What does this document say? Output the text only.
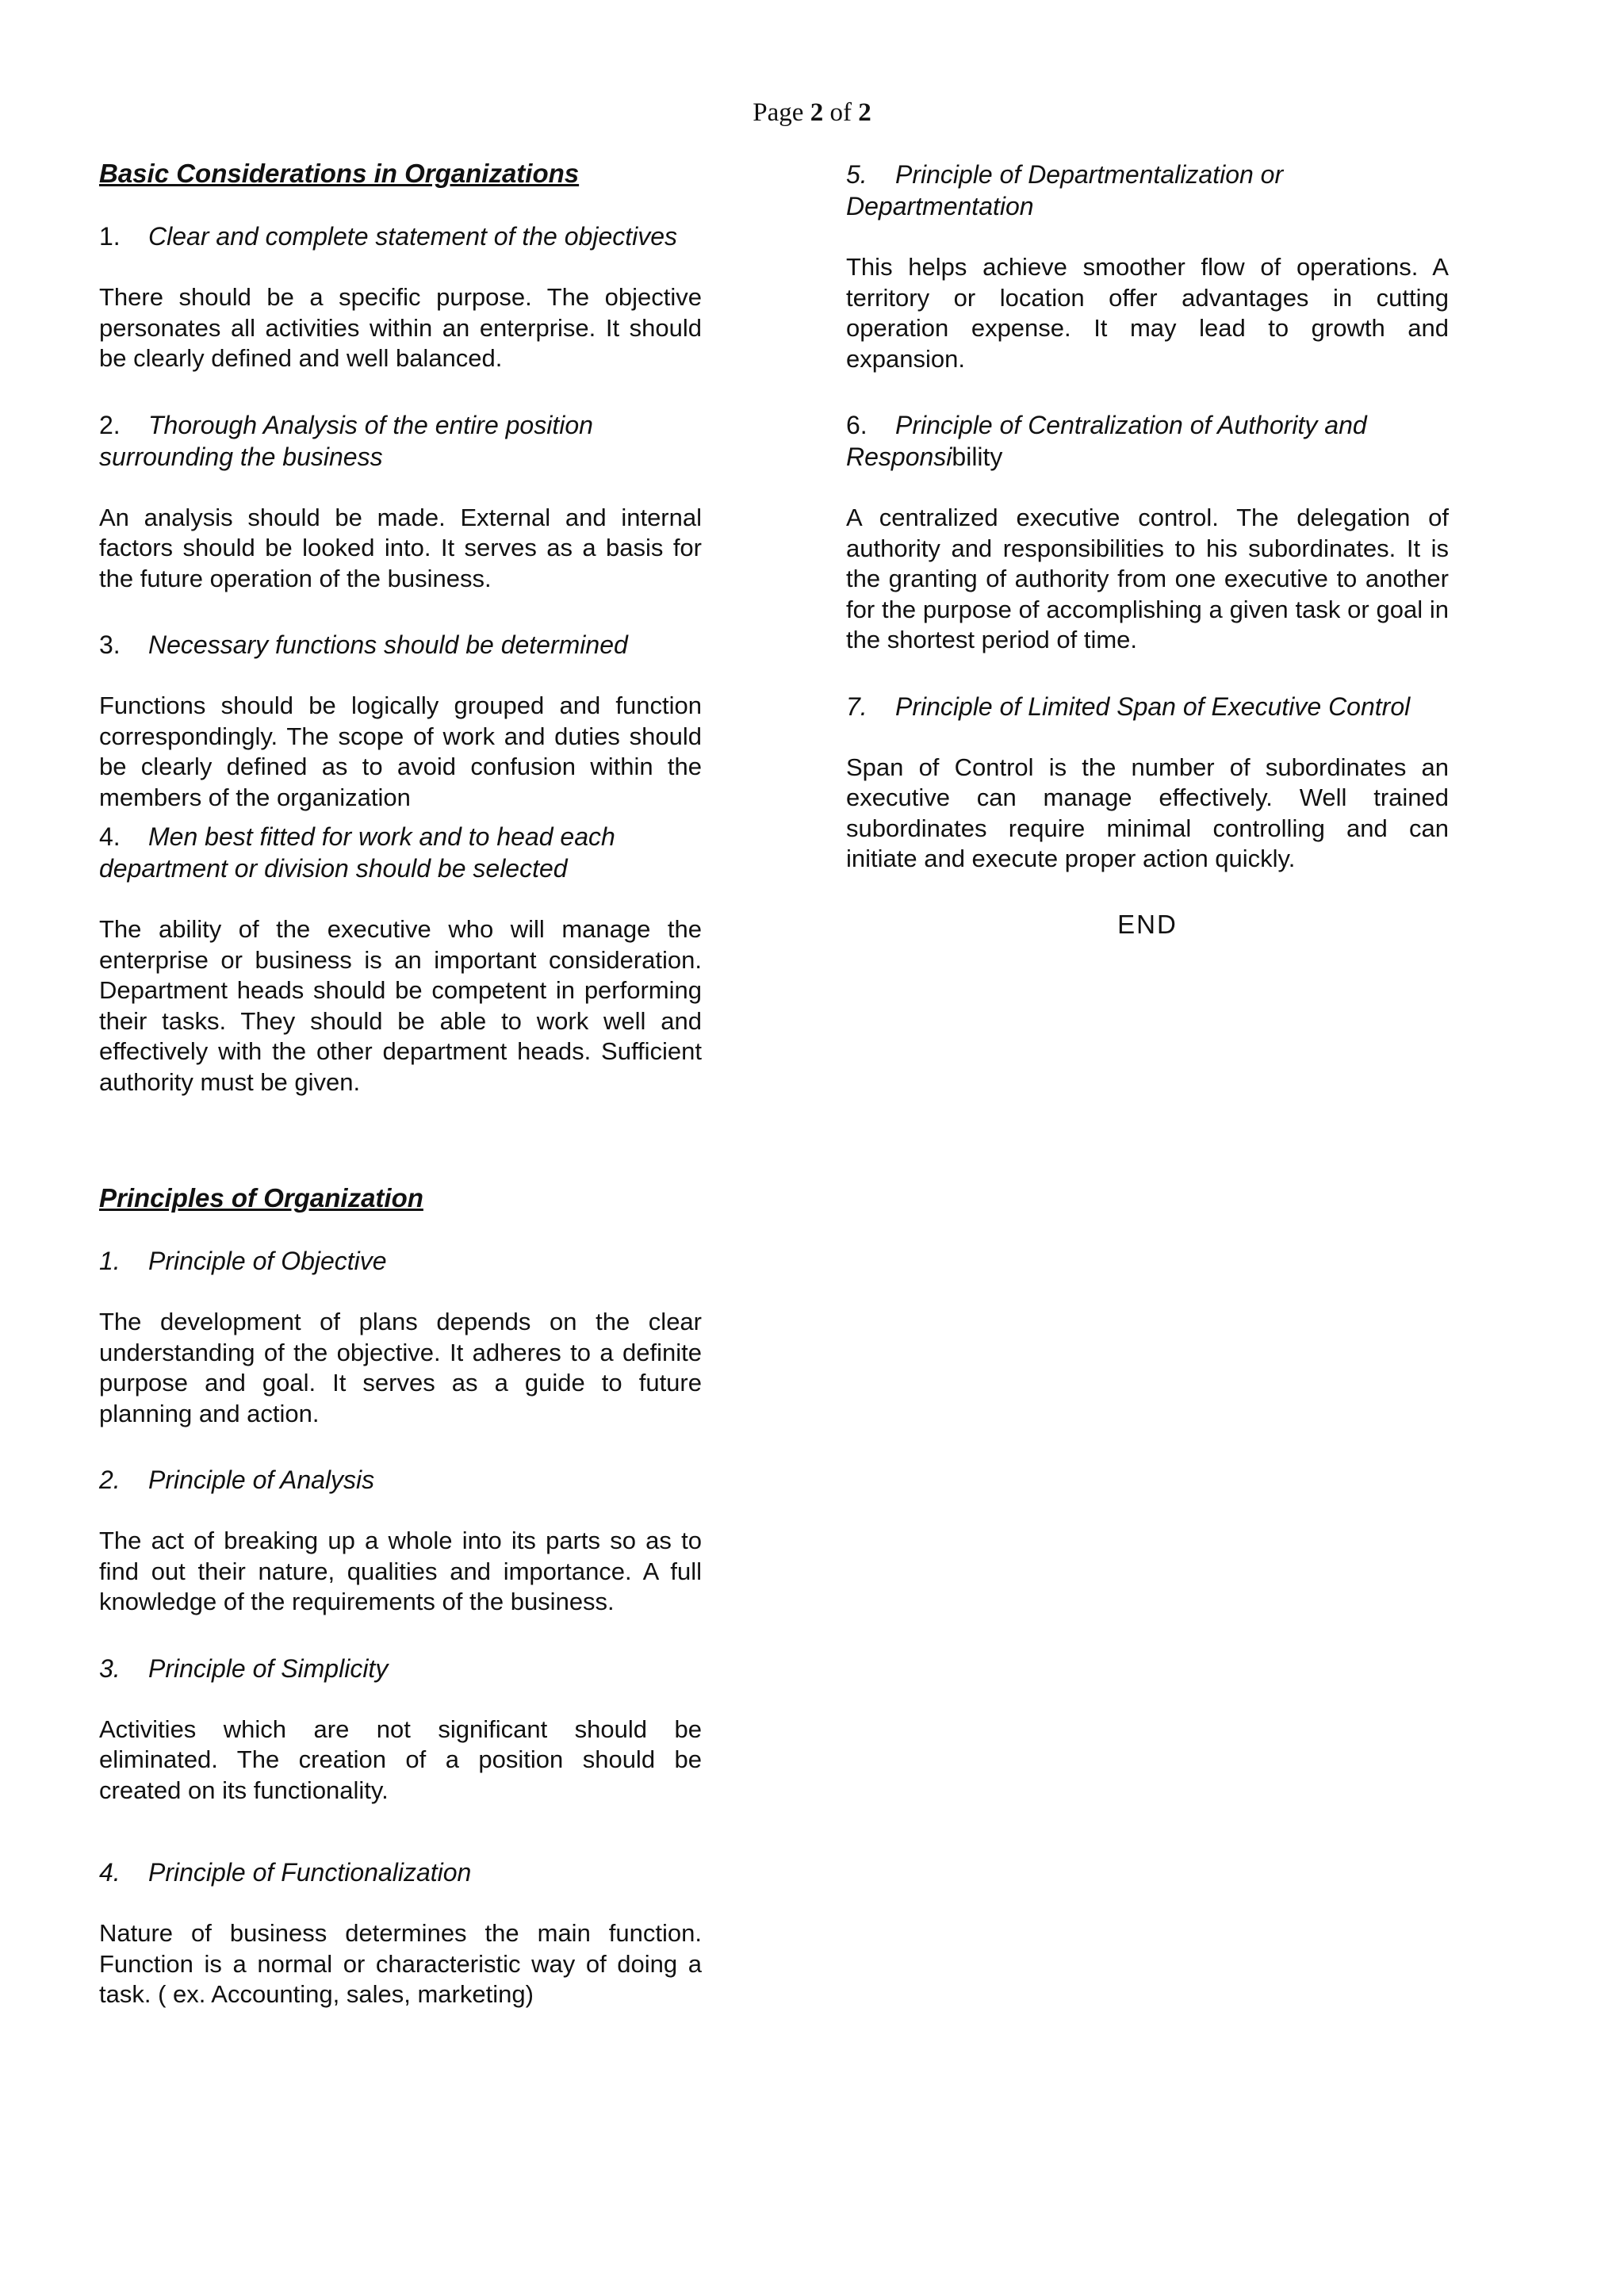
Page 2 of 2
Basic Considerations in Organizations
1. Clear and complete statement of the objectives
There should be a specific purpose. The objective personates all activities within an enterprise. It should be clearly defined and well balanced.
2. Thorough Analysis of the entire position surrounding the business
An analysis should be made. External and internal factors should be looked into. It serves as a basis for the future operation of the business.
3. Necessary functions should be determined
Functions should be logically grouped and function correspondingly. The scope of work and duties should be clearly defined as to avoid confusion within the members of the organization
4. Men best fitted for work and to head each department or division should be selected
The ability of the executive who will manage the enterprise or business is an important consideration. Department heads should be competent in performing their tasks. They should be able to work well and effectively with the other department heads. Sufficient authority must be given.
Principles of Organization
1. Principle of Objective
The development of plans depends on the clear understanding of the objective. It adheres to a definite purpose and goal. It serves as a guide to future planning and action.
2. Principle of Analysis
The act of breaking up a whole into its parts so as to find out their nature, qualities and importance. A full knowledge of the requirements of the business.
3. Principle of Simplicity
Activities which are not significant should be eliminated. The creation of a position should be created on its functionality.
4. Principle of Functionalization
Nature of business determines the main function. Function is a normal or characteristic way of doing a task. ( ex. Accounting, sales, marketing)
5. Principle of Departmentalization or Departmentation
This helps achieve smoother flow of operations. A territory or location offer advantages in cutting operation expense. It may lead to growth and expansion.
6. Principle of Centralization of Authority and Responsibility
A centralized executive control. The delegation of authority and responsibilities to his subordinates. It is the granting of authority from one executive to another for the purpose of accomplishing a given task or goal in the shortest period of time.
7. Principle of Limited Span of Executive Control
Span of Control is the number of subordinates an executive can manage effectively. Well trained subordinates require minimal controlling and can initiate and execute proper action quickly.
END
